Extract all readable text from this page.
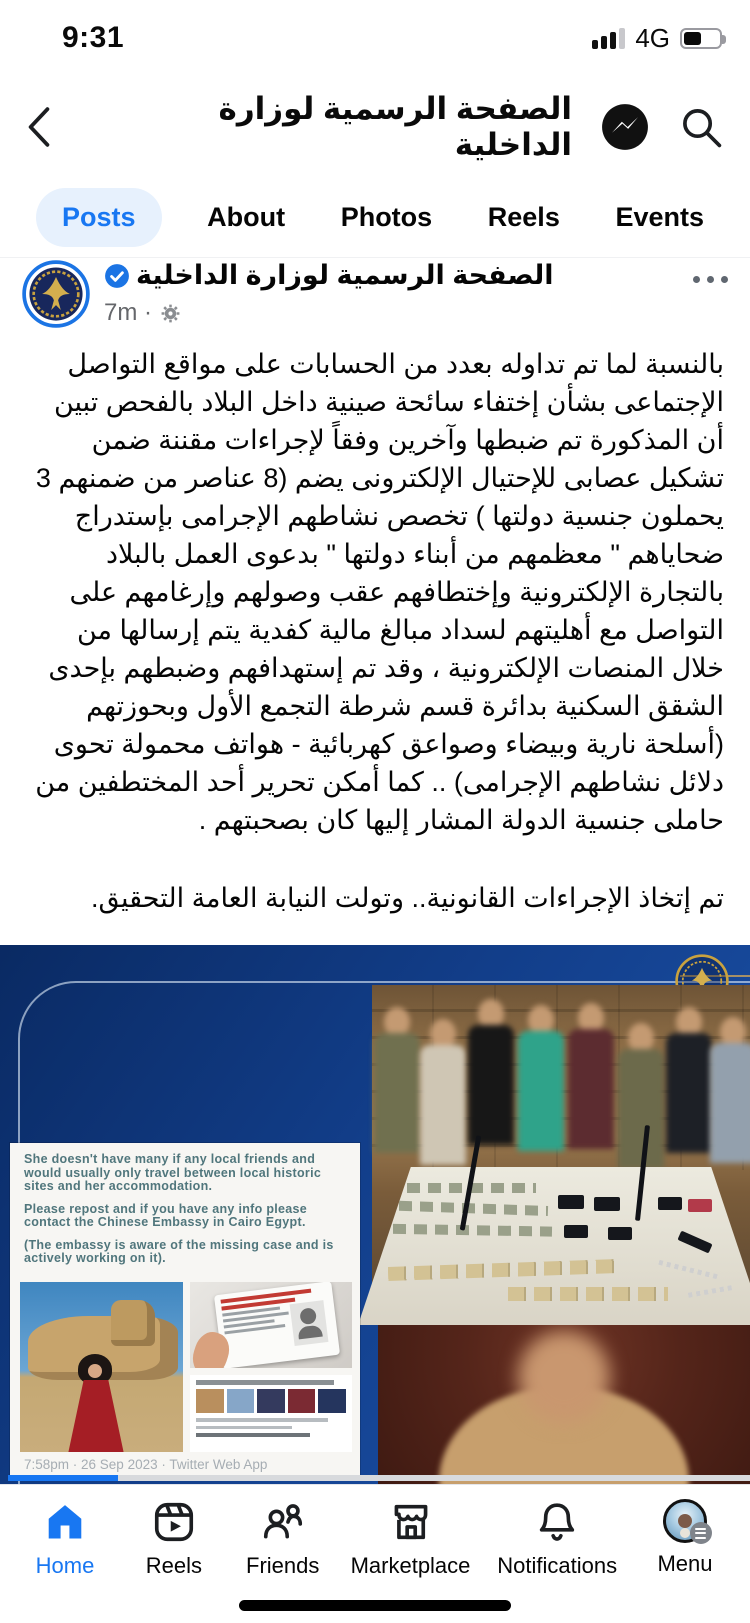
9:31	4G
الصفحة الرسمية لوزارة الداخلية
Posts	About	Photos	Reels	Events
الصفحة الرسمية لوزارة الداخلية
7m ·

بالنسبة لما تم تداوله بعدد من الحسابات على مواقع التواصل الإجتماعى بشأن إختفاء سائحة صينية داخل البلاد بالفحص تبين أن المذكورة تم ضبطها وآخرين وفقاً لإجراءات مقننة ضمن تشكيل عصابى للإحتيال الإلكترونى يضم (8 عناصر من ضمنهم 3 يحملون جنسية دولتها ) تخصص نشاطهم الإجرامى بإستدراج ضحاياهم " معظمهم من أبناء دولتها " بدعوى العمل بالبلاد بالتجارة الإلكترونية وإختطافهم عقب وصولهم وإرغامهم على التواصل مع أهليتهم لسداد مبالغ مالية كفدية يتم إرسالها من خلال المنصات الإلكترونية ، وقد تم إستهدافهم وضبطهم بإحدى الشقق السكنية بدائرة قسم شرطة التجمع الأول وبحوزتهم (أسلحة نارية وبيضاء وصواعق كهربائية - هواتف محمولة تحوى دلائل نشاطهم الإجرامى) .. كما أمكن تحرير أحد المختطفين من حاملى جنسية الدولة المشار إليها كان بصحبتهم .

تم إتخاذ الإجراءات القانونية.. وتولت النيابة العامة التحقيق.

She doesn't have many if any local friends and would usually only travel between local historic sites and her accommodation.

Please repost and if you have any info please contact the Chinese Embassy in Cairo Egypt.

(The embassy is aware of the missing case and is actively working on it).

7:58pm · 26 Sep 2023 · Twitter Web App
Home Reels Friends Marketplace Notifications Menu
